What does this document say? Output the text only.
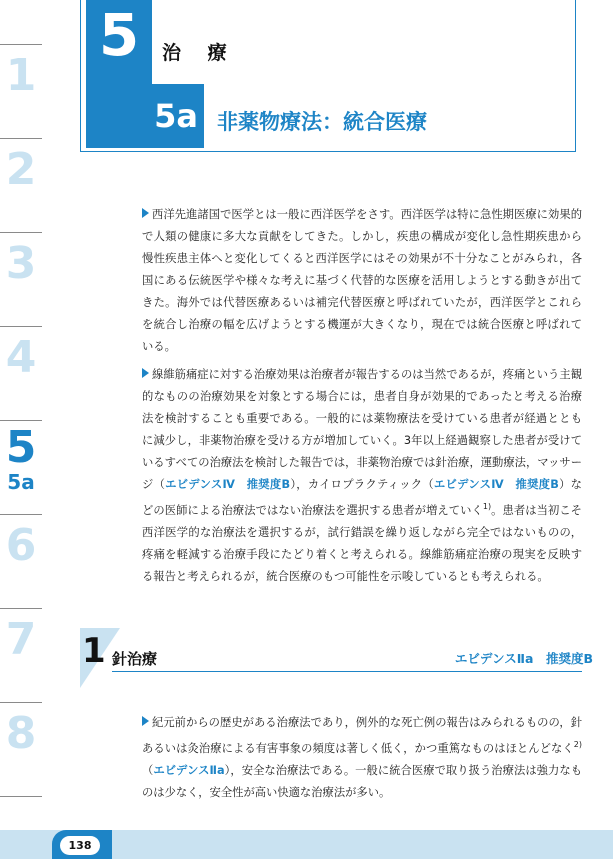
1
2
3
4
5
5a
6
7
8
5
5a
治 療
非薬物療法：統合医療
西洋先進諸国で医学とは一般に西洋医学をさす。西洋医学は特に急性期医療に効果的で人類の健康に多大な貢献をしてきた。しかし，疾患の構成が変化し急性期疾患から慢性疾患主体へと変化してくると西洋医学にはその効果が不十分なことがみられ，各国にある伝統医学や様々な考えに基づく代替的な医療を活用しようとする動きが出てきた。海外では代替医療あるいは補完代替医療と呼ばれていたが，西洋医学とこれらを統合し治療の幅を広げようとする機運が大きくなり，現在では統合医療と呼ばれている。
線維筋痛症に対する治療効果は治療者が報告するのは当然であるが，疼痛という主観的なものの治療効果を対象とする場合には，患者自身が効果的であったと考える治療法を検討することも重要である。一般的には薬物療法を受けている患者が経過とともに減少し，非薬物治療を受ける方が増加していく。3年以上経過観察した患者が受けているすべての治療法を検討した報告では，非薬物治療では針治療，運動療法，マッサージ（エビデンスⅣ　推奨度B），カイロプラクティック（エビデンスⅣ　推奨度B）などの医師による治療法ではない治療法を選択する患者が増えていく$^{1)}$。患者は当初こそ西洋医学的な治療法を選択するが，試行錯誤を繰り返しながら完全ではないものの，疼痛を軽減する治療手段にたどり着くと考えられる。線維筋痛症治療の現実を反映する報告と考えられるが，統合医療のもつ可能性を示唆しているとも考えられる。
1 針治療	エビデンスⅡa　推奨度B
紀元前からの歴史がある治療法であり，例外的な死亡例の報告はみられるものの，針あるいは灸治療による有害事象の頻度は著しく低く，かつ重篤なものはほとんどなく$^{2)}$（エビデンスⅡa），安全な治療法である。一般に統合医療で取り扱う治療法は強力なものは少なく，安全性が高い快適な治療法が多い。
138
